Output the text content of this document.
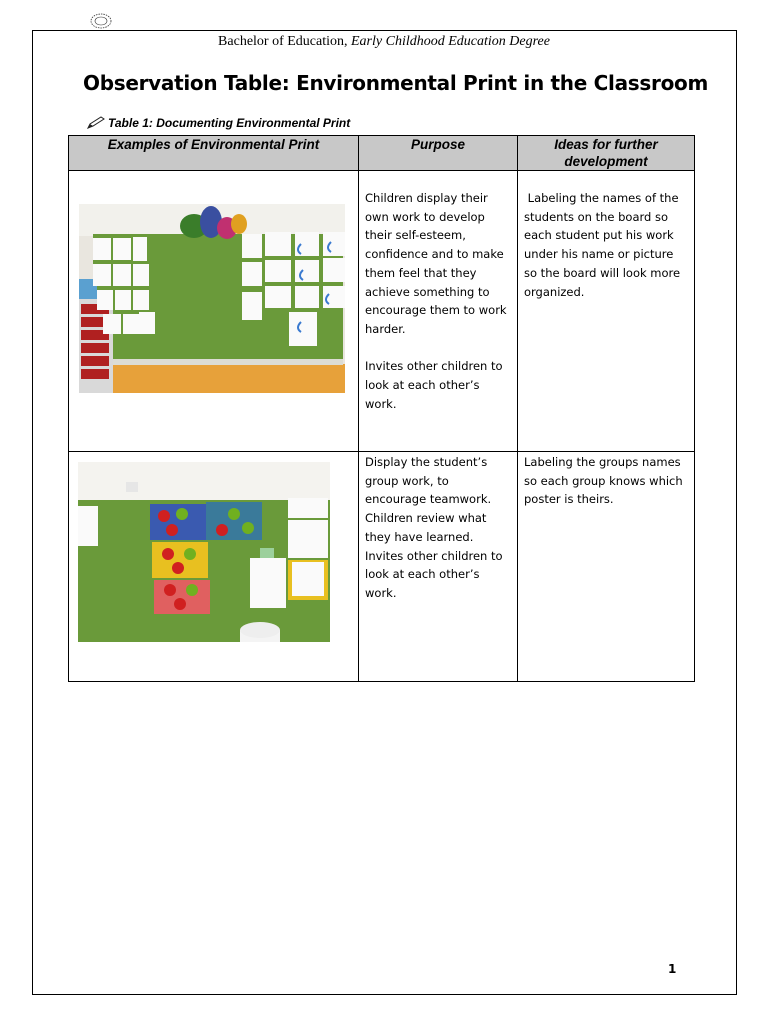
Bachelor of Education, Early Childhood Education Degree
Observation Table: Environmental Print in the Classroom
Table 1: Documenting Environmental Print
Examples of Environmental Print	Purpose	Ideas for further development

Children display their own work to develop their self-esteem, confidence and to make them feel that they achieve something to encourage them to work harder.
Invites other children to look at each other’s work.	Labeling the names of the students on the board so each student put his work under his name or picture so the board will look more organized.

Display the student’s group work, to encourage teamwork. Children review what they have learned. Invites other children to look at each other’s work.	Labeling the groups names so each group knows which poster is theirs.
1
